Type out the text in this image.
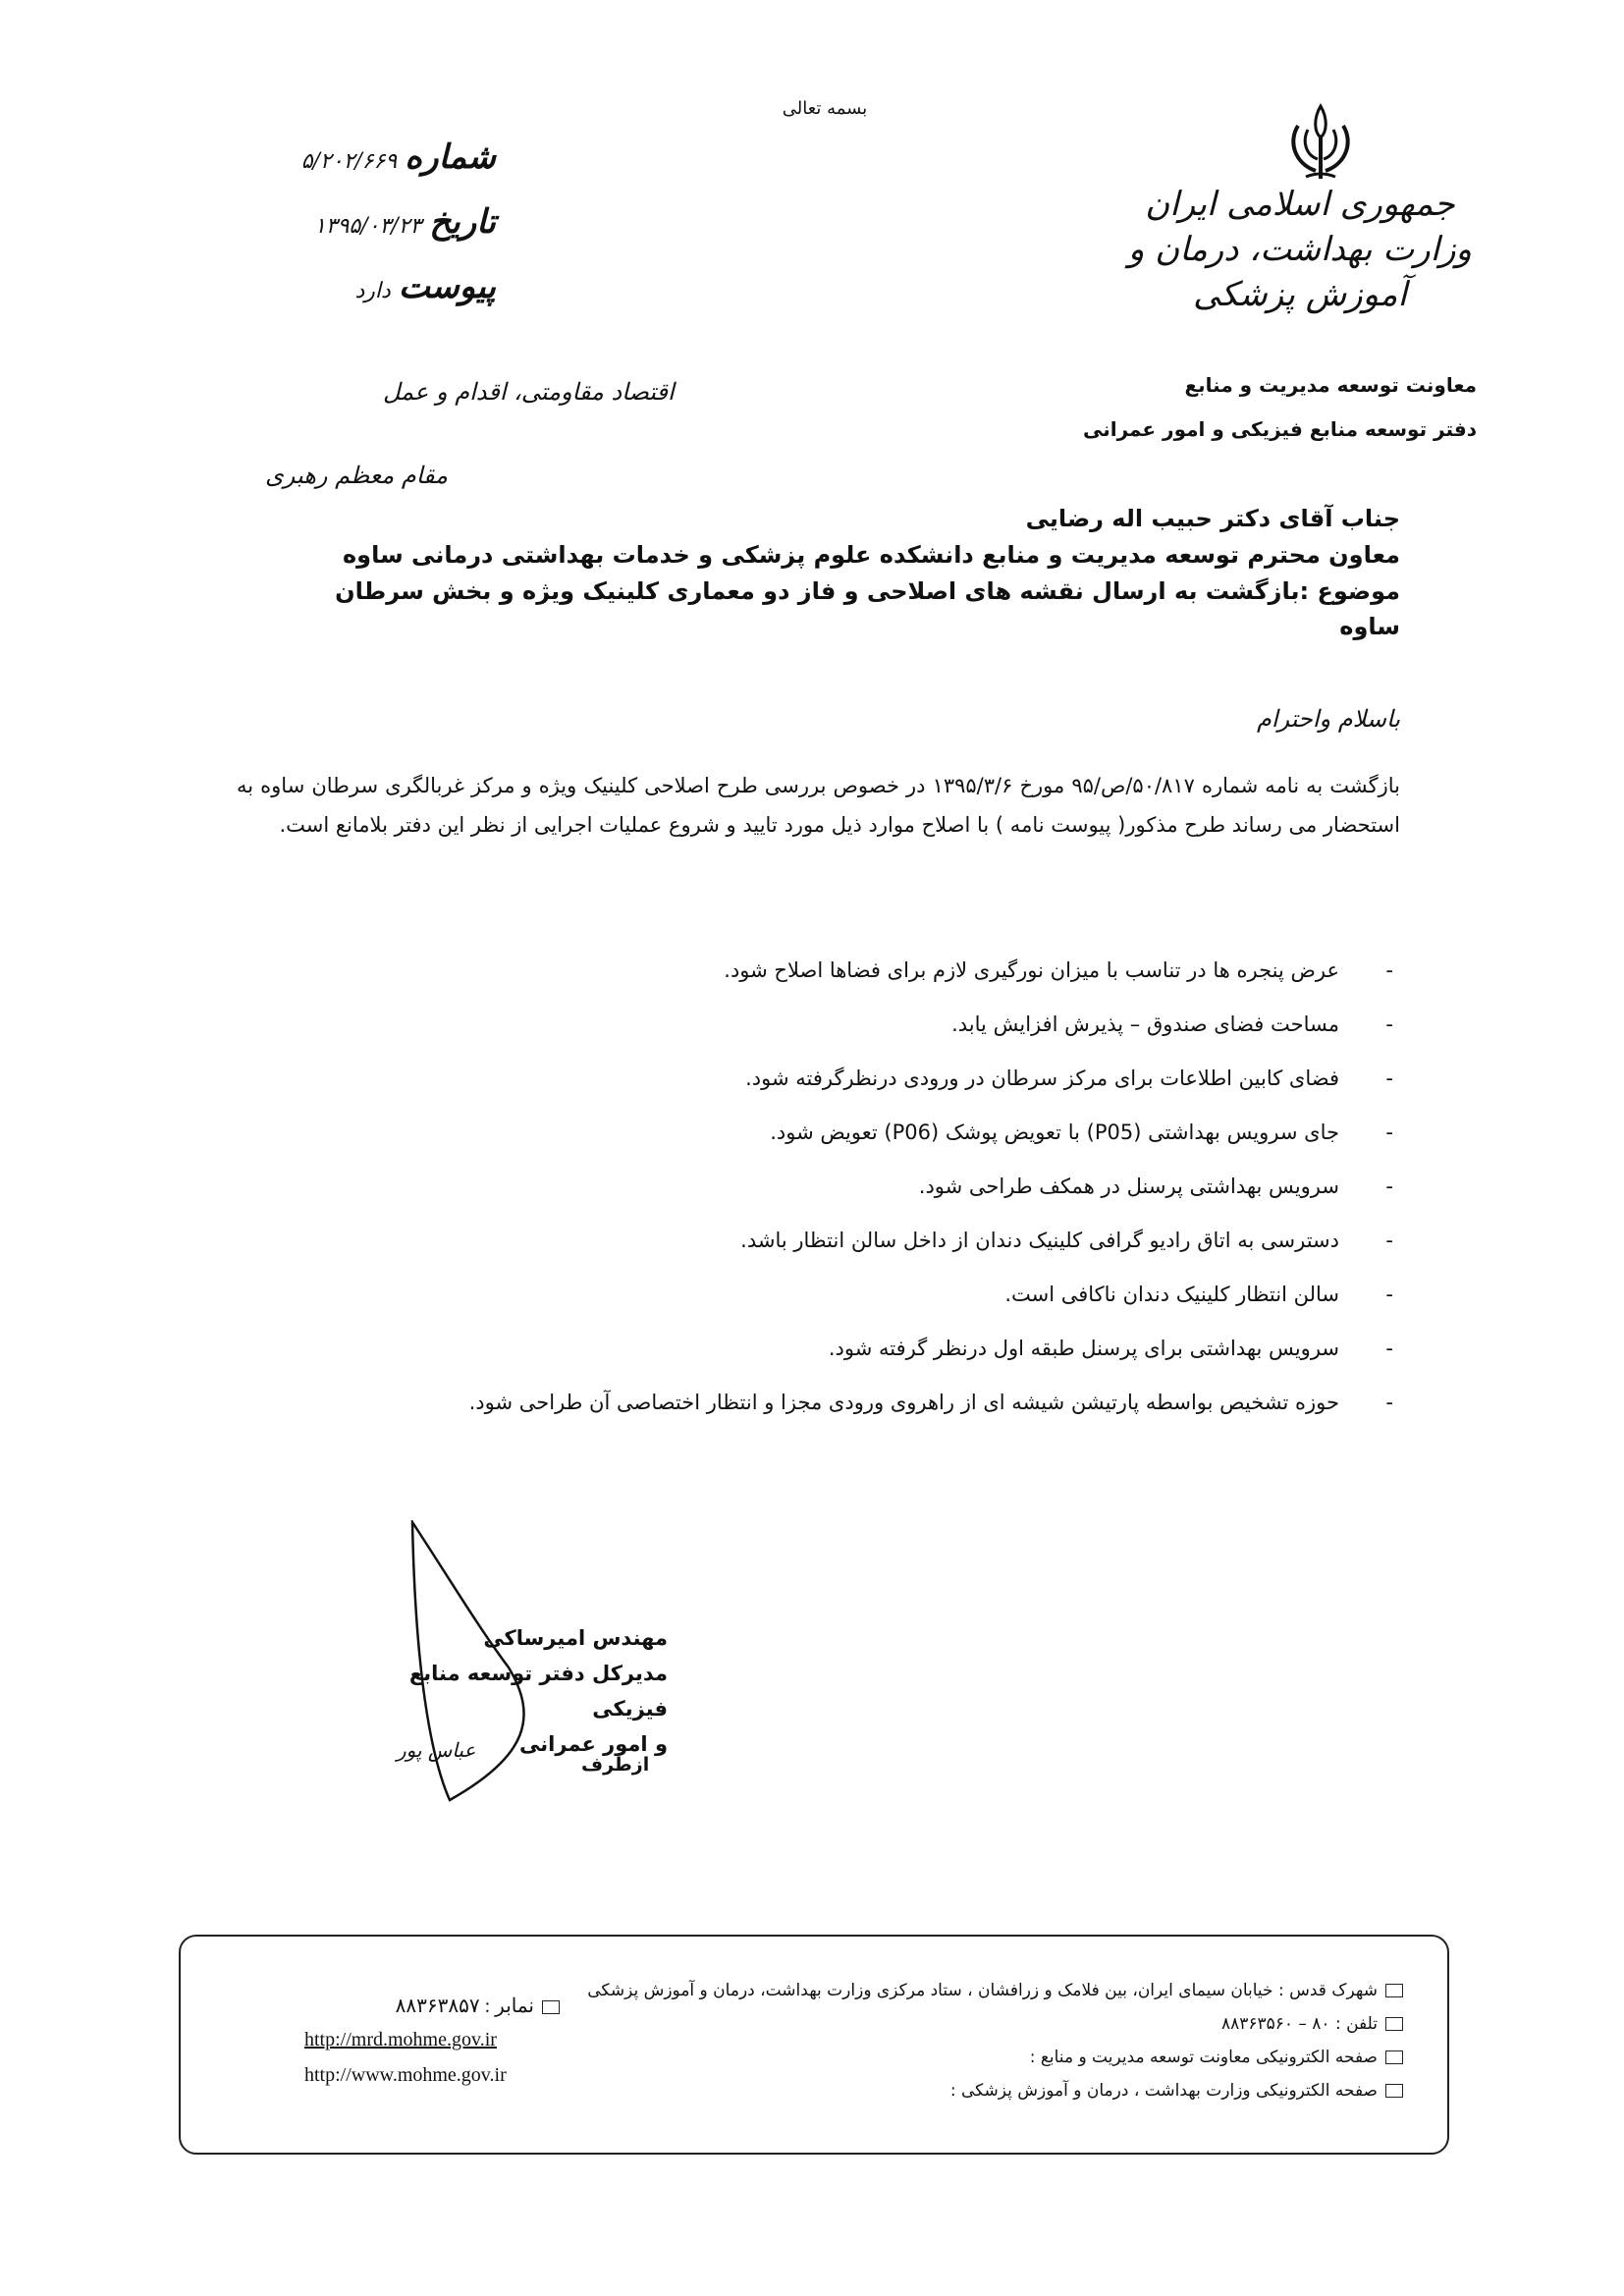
بسمه تعالی
جمهوری اسلامی ایران
وزارت بهداشت، درمان و آموزش پزشکی
معاونت توسعه مدیریت و منابع
دفتر توسعه منابع فیزیکی و امور عمرانی
شماره
۵/۲۰۲/۶۶۹
تاریخ
۱۳۹۵/۰۳/۲۳
پیوست
دارد
اقتصاد مقاومتی، اقدام و عمل
مقام معظم رهبری
جناب آقای دکتر حبیب اله رضایی
معاون محترم توسعه مدیریت و منابع دانشکده علوم پزشکی و خدمات بهداشتی درمانی ساوه
موضوع :بازگشت به ارسال نقشه های اصلاحی و فاز دو معماری کلینیک ویژه و بخش سرطان ساوه
باسلام واحترام
بازگشت به نامه شماره ۵۰/۸۱۷/ص/۹۵ مورخ ۱۳۹۵/۳/۶ در خصوص بررسی طرح اصلاحی کلینیک ویژه و مرکز غربالگری سرطان ساوه به استحضار می رساند طرح مذکور( پیوست نامه ) با اصلاح موارد ذیل مورد تایید و شروع عملیات اجرایی از نظر این دفتر بلامانع است.
-
عرض پنجره ها در تناسب با میزان نورگیری لازم برای فضاها اصلاح شود.
-
مساحت فضای صندوق – پذیرش افزایش یابد.
-
فضای کابین اطلاعات برای مرکز سرطان در ورودی درنظرگرفته شود.
-
جای سرویس بهداشتی (P05) با تعویض پوشک (P06) تعویض شود.
-
سرویس بهداشتی پرسنل در همکف طراحی شود.
-
دسترسی به اتاق رادیو گرافی کلینیک دندان از داخل سالن انتظار باشد.
-
سالن انتظار کلینیک دندان ناکافی است.
-
سرویس بهداشتی برای پرسنل طبقه اول درنظر گرفته شود.
-
حوزه تشخیص بواسطه پارتیشن شیشه ای از راهروی ورودی مجزا و انتظار اختصاصی آن طراحی شود.
مهندس امیرساکی
مدیرکل دفتر توسعه منابع فیزیکی
و امور عمرانی
ازطرف
عباس پور
شهرک قدس : خیابان سیمای ایران، بین فلامک و زرافشان ، ستاد مرکزی وزارت بهداشت، درمان و آموزش پزشکی
تلفن : ۸۰ – ۸۸۳۶۳۵۶۰
صفحه الکترونیکی معاونت توسعه مدیریت و منابع :
صفحه الکترونیکی وزارت بهداشت ، درمان و آموزش پزشکی :
نمابر : ۸۸۳۶۳۸۵۷
http://mrd.mohme.gov.ir
http://www.mohme.gov.ir
